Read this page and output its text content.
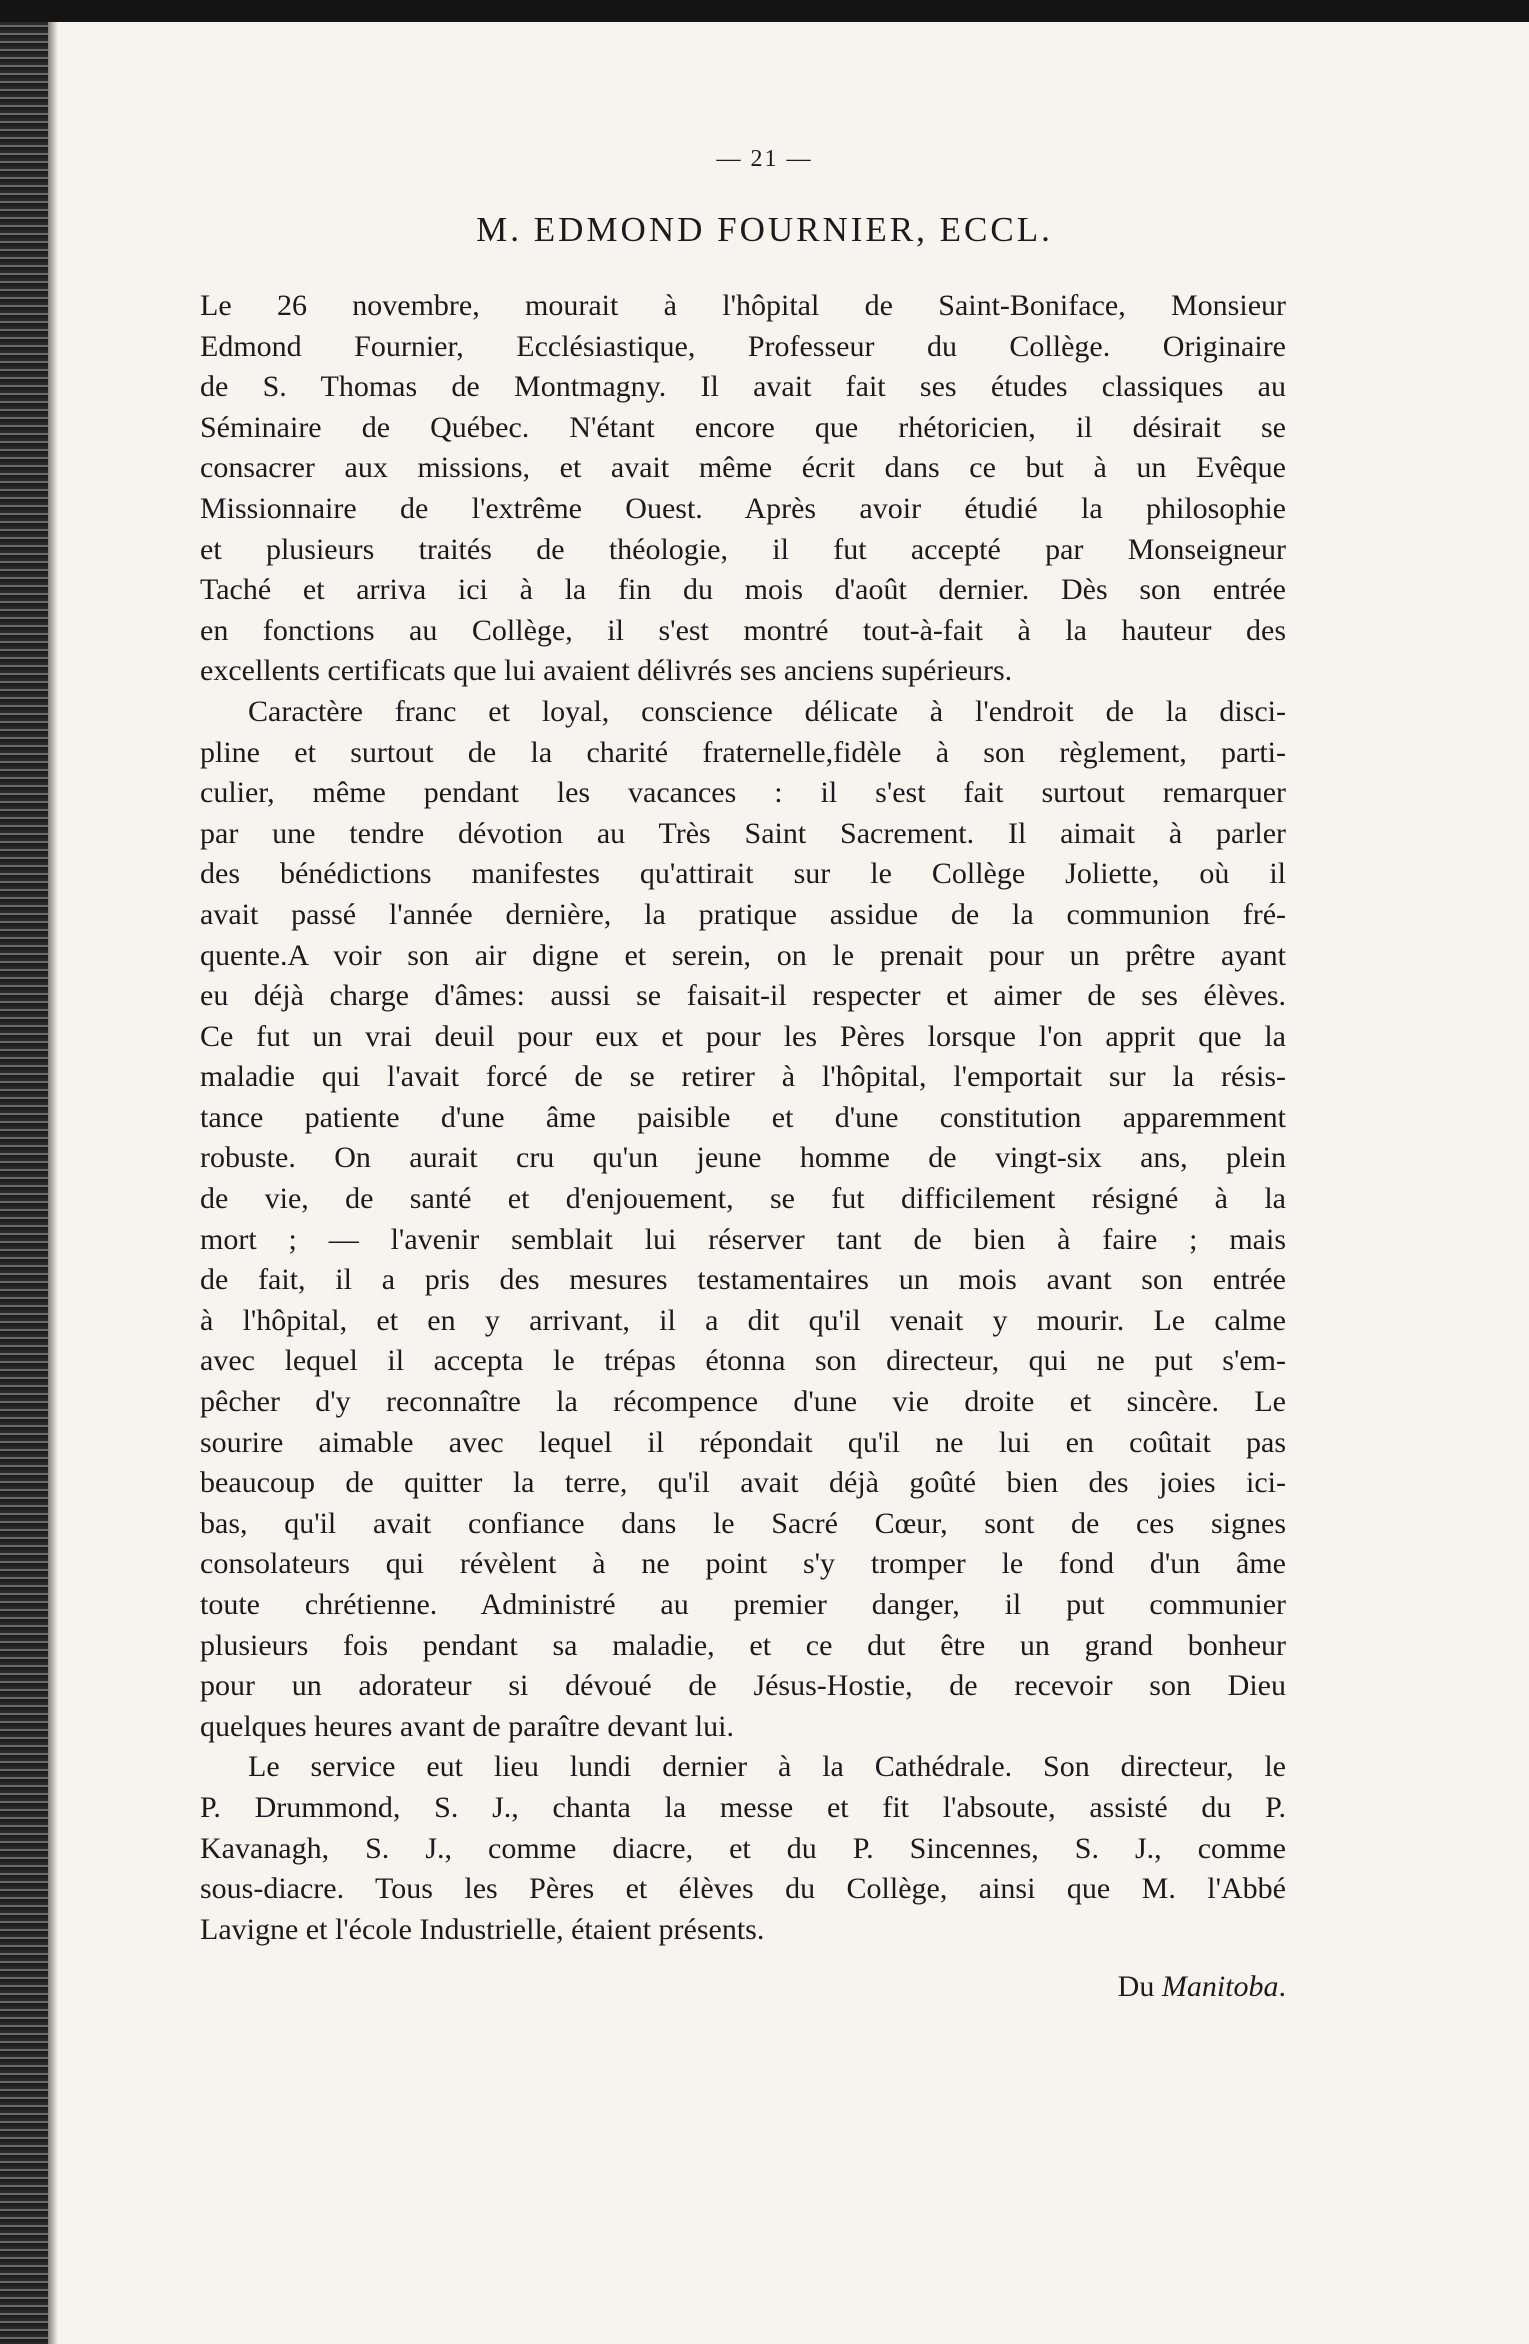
— 21 —
M. EDMOND FOURNIER, ECCL.
Le 26 novembre, mourait à l'hôpital de Saint-Boniface, Monsieur
Edmond Fournier, Ecclésiastique, Professeur du Collège. Originaire
de S. Thomas de Montmagny. Il avait fait ses études classiques au
Séminaire de Québec. N'étant encore que rhétoricien, il désirait se
consacrer aux missions, et avait même écrit dans ce but à un Evêque
Missionnaire de l'extrême Ouest. Après avoir étudié la philosophie
et plusieurs traités de théologie, il fut accepté par Monseigneur
Taché et arriva ici à la fin du mois d'août dernier. Dès son entrée
en fonctions au Collège, il s'est montré tout-à-fait à la hauteur des
excellents certificats que lui avaient délivrés ses anciens supérieurs.
Caractère franc et loyal, conscience délicate à l'endroit de la disci-
pline et surtout de la charité fraternelle,fidèle à son règlement, parti-
culier, même pendant les vacances : il s'est fait surtout remarquer
par une tendre dévotion au Très Saint Sacrement. Il aimait à parler
des bénédictions manifestes qu'attirait sur le Collège Joliette, où il
avait passé l'année dernière, la pratique assidue de la communion fré-
quente.A voir son air digne et serein, on le prenait pour un prêtre ayant
eu déjà charge d'âmes: aussi se faisait-il respecter et aimer de ses élèves.
Ce fut un vrai deuil pour eux et pour les Pères lorsque l'on apprit que la
maladie qui l'avait forcé de se retirer à l'hôpital, l'emportait sur la résis-
tance patiente d'une âme paisible et d'une constitution apparemment
robuste. On aurait cru qu'un jeune homme de vingt-six ans, plein
de vie, de santé et d'enjouement, se fut difficilement résigné à la
mort ; — l'avenir semblait lui réserver tant de bien à faire ; mais
de fait, il a pris des mesures testamentaires un mois avant son entrée
à l'hôpital, et en y arrivant, il a dit qu'il venait y mourir. Le calme
avec lequel il accepta le trépas étonna son directeur, qui ne put s'em-
pêcher d'y reconnaître la récompence d'une vie droite et sincère. Le
sourire aimable avec lequel il répondait qu'il ne lui en coûtait pas
beaucoup de quitter la terre, qu'il avait déjà goûté bien des joies ici-
bas, qu'il avait confiance dans le Sacré Cœur, sont de ces signes
consolateurs qui révèlent à ne point s'y tromper le fond d'un âme
toute chrétienne. Administré au premier danger, il put communier
plusieurs fois pendant sa maladie, et ce dut être un grand bonheur
pour un adorateur si dévoué de Jésus-Hostie, de recevoir son Dieu
quelques heures avant de paraître devant lui.
Le service eut lieu lundi dernier à la Cathédrale. Son directeur, le
P. Drummond, S. J., chanta la messe et fit l'absoute, assisté du P.
Kavanagh, S. J., comme diacre, et du P. Sincennes, S. J., comme
sous-diacre. Tous les Pères et élèves du Collège, ainsi que M. l'Abbé
Lavigne et l'école Industrielle, étaient présents.
Du Manitoba.
